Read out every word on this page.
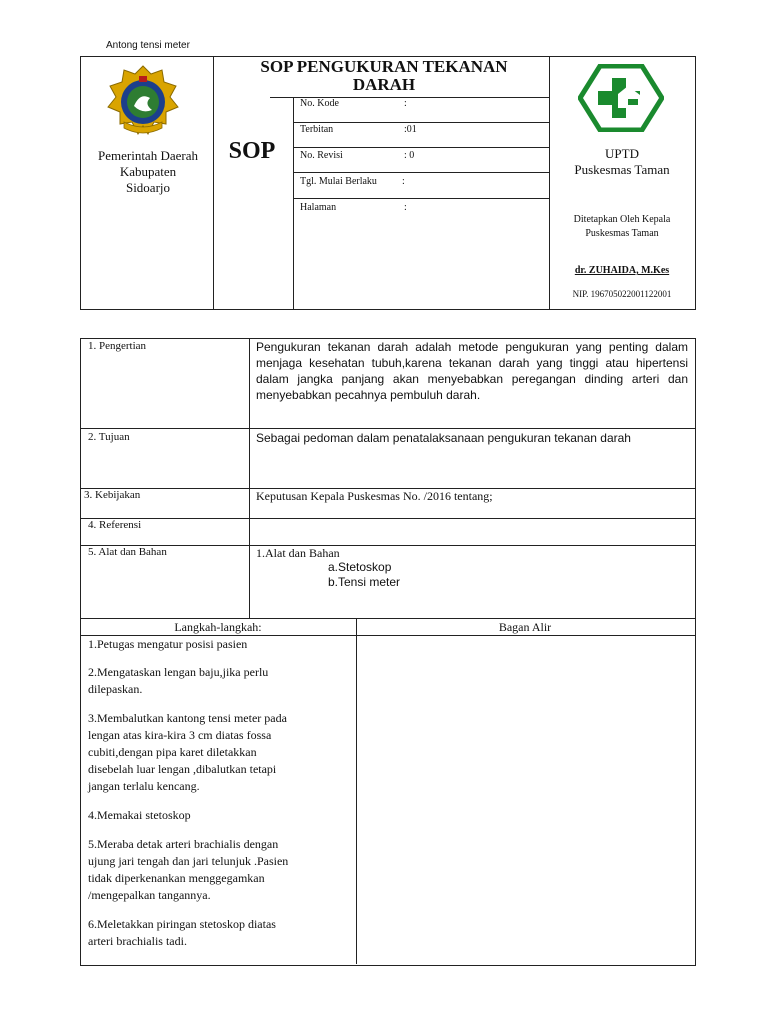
Antong tensi meter
Pemerintah Daerah
Kabupaten
Sidoarjo
SOP PENGUKURAN TEKANAN
DARAH
SOP
No. Kode	:
Terbitan	:01
No. Revisi	: 0
Tgl. Mulai Berlaku	:
Halaman	:
UPTD
Puskesmas Taman
Ditetapkan Oleh Kepala
Puskesmas Taman
dr. ZUHAIDA, M.Kes
NIP. 196705022001122001
1. Pengertian	Pengukuran tekanan darah adalah metode pengukuran yang penting dalam menjaga kesehatan tubuh,karena tekanan darah yang tinggi atau hipertensi dalam jangka panjang akan menyebabkan peregangan dinding arteri dan menyebabkan pecahnya pembuluh darah.
2. Tujuan	Sebagai pedoman dalam penatalaksanaan pengukuran tekanan darah
3. Kebijakan	Keputusan Kepala Puskesmas No. /2016 tentang;
4. Referensi
5. Alat dan Bahan	1.Alat dan Bahan
a.Stetoskop
b.Tensi meter
Langkah-langkah:	Bagan Alir
1.Petugas mengatur posisi pasien
2.Mengataskan lengan baju,jika perlu
dilepaskan.
3.Membalutkan kantong tensi meter pada
lengan atas kira-kira 3 cm diatas fossa
cubiti,dengan pipa karet diletakkan
disebelah luar lengan ,dibalutkan tetapi
jangan terlalu kencang.
4.Memakai stetoskop
5.Meraba detak arteri brachialis dengan
ujung jari tengah dan jari telunjuk .Pasien
tidak diperkenankan menggegamkan
/mengepalkan tangannya.
6.Meletakkan piringan stetoskop diatas
arteri brachialis tadi.
